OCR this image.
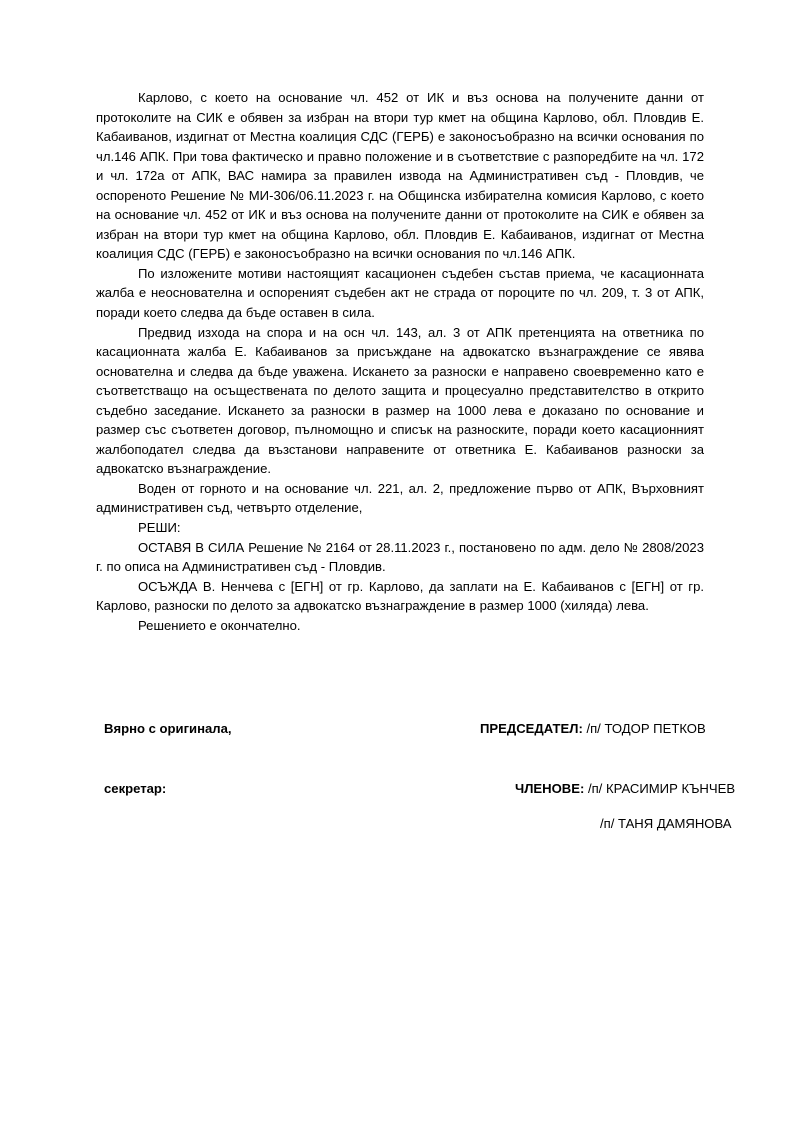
Карлово, с което на основание чл. 452 от ИК и въз основа на получените данни от протоколите на СИК е обявен за избран на втори тур кмет на община Карлово, обл. Пловдив Е. Кабаиванов, издигнат от Местна коалиция СДС (ГЕРБ) е законосъобразно на всички основания по чл.146 АПК. При това фактическо и правно положение и в съответствие с разпоредбите на чл. 172 и чл. 172а от АПК, ВАС намира за правилен извода на Административен съд - Пловдив, че оспореното Решение № МИ-306/06.11.2023 г. на Общинска избирателна комисия Карлово, с което на основание чл. 452 от ИК и въз основа на получените данни от протоколите на СИК е обявен за избран на втори тур кмет на община Карлово, обл. Пловдив Е. Кабаиванов, издигнат от Местна коалиция СДС (ГЕРБ) е законосъобразно на всички основания по чл.146 АПК.

По изложените мотиви настоящият касационен съдебен състав приема, че касационната жалба е неоснователна и оспореният съдебен акт не страда от пороците по чл. 209, т. 3 от АПК, поради което следва да бъде оставен в сила.

Предвид изхода на спора и на осн чл. 143, ал. 3 от АПК претенцията на ответника по касационната жалба Е. Кабаиванов за присъждане на адвокатско възнаграждение се явява основателна и следва да бъде уважена. Искането за разноски е направено своевременно като е съответстващо на осъществената по делото защита и процесуално представителство в открито съдебно заседание. Искането за разноски в размер на 1000 лева е доказано по основание и размер със съответен договор, пълномощно и списък на разноските, поради което касационният жалбоподател следва да възстанови направените от ответника Е. Кабаиванов разноски за адвокатско възнаграждение.

Воден от горното и на основание чл. 221, ал. 2, предложение първо от АПК, Върховният административен съд, четвърто отделение,

РЕШИ:

ОСТАВЯ В СИЛА Решение № 2164 от 28.11.2023 г., постановено по адм. дело № 2808/2023 г. по описа на Административен съд - Пловдив.

ОСЪЖДА В. Ненчева с [ЕГН] от гр. Карлово, да заплати на Е. Кабаиванов с [ЕГН] от гр. Карлово, разноски по делото за адвокатско възнаграждение в размер 1000 (хиляда) лева.

Решението е окончателно.

Вярно с оригинала,	ПРЕДСЕДАТЕЛ: /п/ ТОДОР ПЕТКОВ
секретар:	ЧЛЕНОВЕ: /п/ КРАСИМИР КЪНЧЕВ
/п/ ТАНЯ ДАМЯНОВА
